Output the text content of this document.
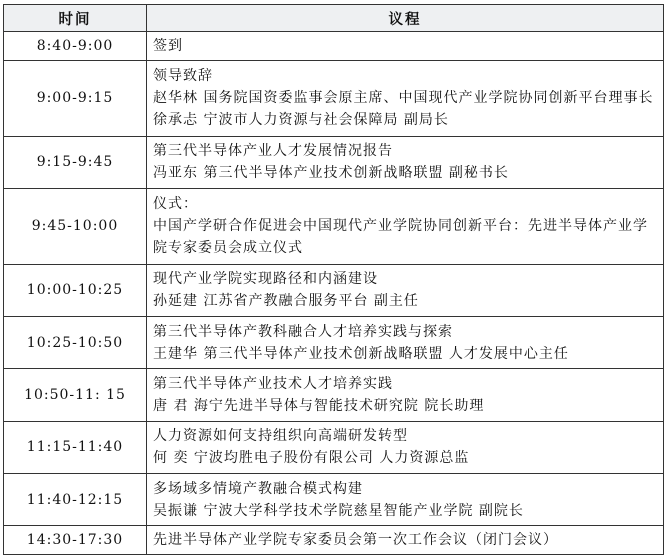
时间	议程
8:40-9:00	签到

9:00-9:15	领导致辞
赵华林 国务院国资委监事会原主席、中国现代产业学院协同创新平台理事长
徐承忐 宁波市人力资源与社会保障局 副局长

9:15-9:45	第三代半导体产业人才发展情况报告
冯亚东 第三代半导体产业技术创新战略联盟 副秘书长

9:45-10:00	仪式：
中国产学研合作促进会中国现代产业学院协同创新平台：先进半导体产业学院专家委员会成立仪式

10:00-10:25	现代产业学院实现路径和内涵建设
孙延建 江苏省产教融合服务平台 副主任

10:25-10:50	第三代半导体产教科融合人才培养实践与探索
王建华 第三代半导体产业技术创新战略联盟 人才发展中心主任

10:50-11: 15	第三代半导体产业技术人才培养实践
唐 君 海宁先进半导体与智能技术研究院 院长助理

11:15-11:40	人力资源如何支持组织向高端研发转型
何 奕 宁波均胜电子股份有限公司 人力资源总监

11:40-12:15	多场域多情境产教融合模式构建
吴振谦 宁波大学科学技术学院慈星智能产业学院 副院长

14:30-17:30	先进半导体产业学院专家委员会第一次工作会议（闭门会议）
